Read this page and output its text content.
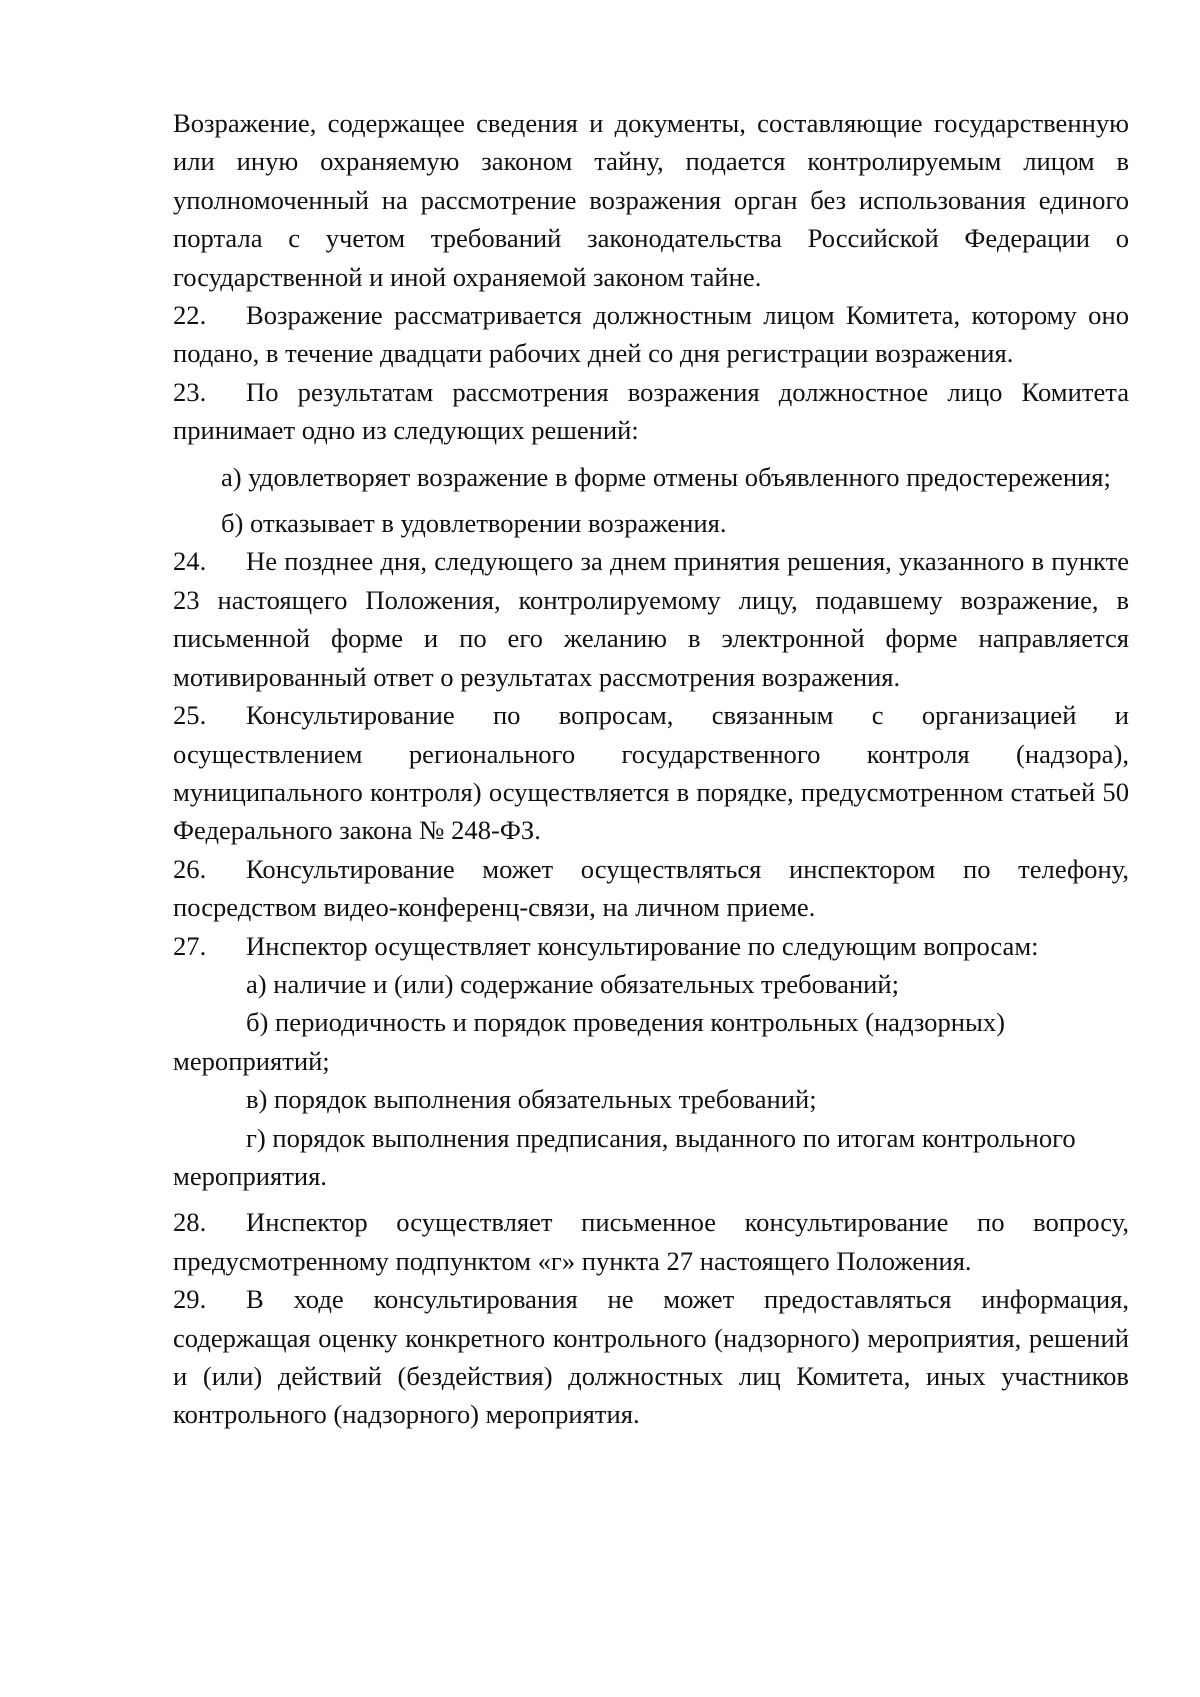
Возражение, содержащее сведения и документы, составляющие государственную или иную охраняемую законом тайну, подается контролируемым лицом в уполномоченный на рассмотрение возражения орган без использования единого портала с учетом требований законодательства Российской Федерации о государственной и иной охраняемой законом тайне.

22. Возражение рассматривается должностным лицом Комитета, которому оно подано, в течение двадцати рабочих дней со дня регистрации возражения.

23. По результатам рассмотрения возражения должностное лицо Комитета принимает одно из следующих решений:

а) удовлетворяет возражение в форме отмены объявленного предостережения;

б) отказывает в удовлетворении возражения.

24. Не позднее дня, следующего за днем принятия решения, указанного в пункте 23 настоящего Положения, контролируемому лицу, подавшему возражение, в письменной форме и по его желанию в электронной форме направляется мотивированный ответ о результатах рассмотрения возражения.

25. Консультирование по вопросам, связанным с организацией и осуществлением регионального государственного контроля (надзора), муниципального контроля) осуществляется в порядке, предусмотренном статьей 50 Федерального закона № 248-ФЗ.

26. Консультирование может осуществляться инспектором по телефону, посредством видео-конференц-связи, на личном приеме.

27. Инспектор осуществляет консультирование по следующим вопросам:

а) наличие и (или) содержание обязательных требований;

б) периодичность и порядок проведения контрольных (надзорных) мероприятий;

в) порядок выполнения обязательных требований;

г) порядок выполнения предписания, выданного по итогам контрольного мероприятия.

28. Инспектор осуществляет письменное консультирование по вопросу, предусмотренному подпунктом «г» пункта 27 настоящего Положения.

29. В ходе консультирования не может предоставляться информация, содержащая оценку конкретного контрольного (надзорного) мероприятия, решений и (или) действий (бездействия) должностных лиц Комитета, иных участников контрольного (надзорного) мероприятия.
